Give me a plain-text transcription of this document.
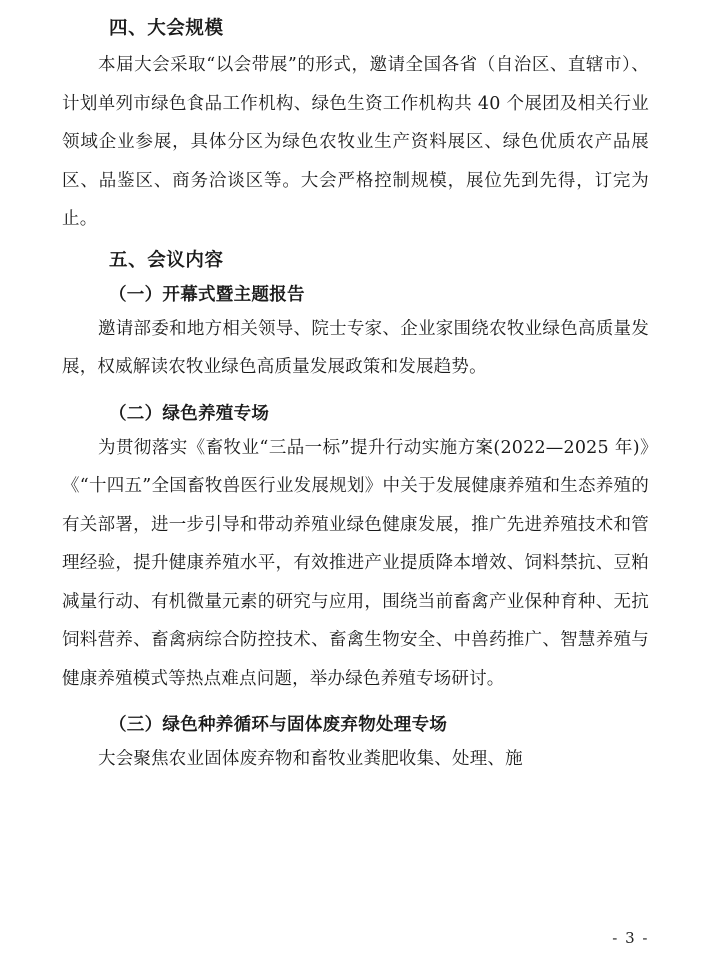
四、大会规模

本届大会采取“以会带展”的形式，邀请全国各省（自治区、直辖市）、计划单列市绿色食品工作机构、绿色生资工作机构共 40 个展团及相关行业领域企业参展，具体分区为绿色农牧业生产资料展区、绿色优质农产品展区、品鉴区、商务洽谈区等。大会严格控制规模，展位先到先得，订完为止。

五、会议内容
（一）开幕式暨主题报告

邀请部委和地方相关领导、院士专家、企业家围绕农牧业绿色高质量发展，权威解读农牧业绿色高质量发展政策和发展趋势。

（二）绿色养殖专场

为贯彻落实《畜牧业“三品一标”提升行动实施方案(2022—2025 年)》《“十四五”全国畜牧兽医行业发展规划》中关于发展健康养殖和生态养殖的有关部署，进一步引导和带动养殖业绿色健康发展，推广先进养殖技术和管理经验，提升健康养殖水平，有效推进产业提质降本增效、饲料禁抗、豆粕减量行动、有机微量元素的研究与应用，围绕当前畜禽产业保种育种、无抗饲料营养、畜禽病综合防控技术、畜禽生物安全、中兽药推广、智慧养殖与健康养殖模式等热点难点问题，举办绿色养殖专场研讨。

（三）绿色种养循环与固体废弃物处理专场

大会聚焦农业固体废弃物和畜牧业粪肥收集、处理、施

- 3 -
